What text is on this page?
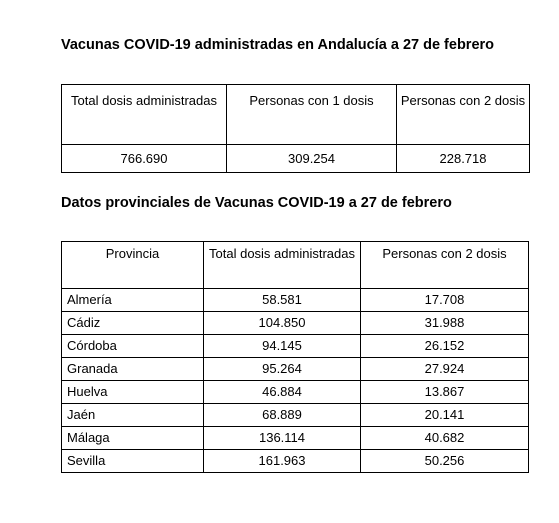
Vacunas COVID-19 administradas en Andalucía a 27 de febrero
Total dosis administradas	Personas con 1 dosis	Personas con 2 dosis
766.690	309.254	228.718
Datos provinciales de Vacunas COVID-19 a 27 de febrero
Provincia	Total dosis administradas	Personas con 2 dosis
Almería	58.581	17.708
Cádiz	104.850	31.988
Córdoba	94.145	26.152
Granada	95.264	27.924
Huelva	46.884	13.867
Jaén	68.889	20.141
Málaga	136.114	40.682
Sevilla	161.963	50.256
